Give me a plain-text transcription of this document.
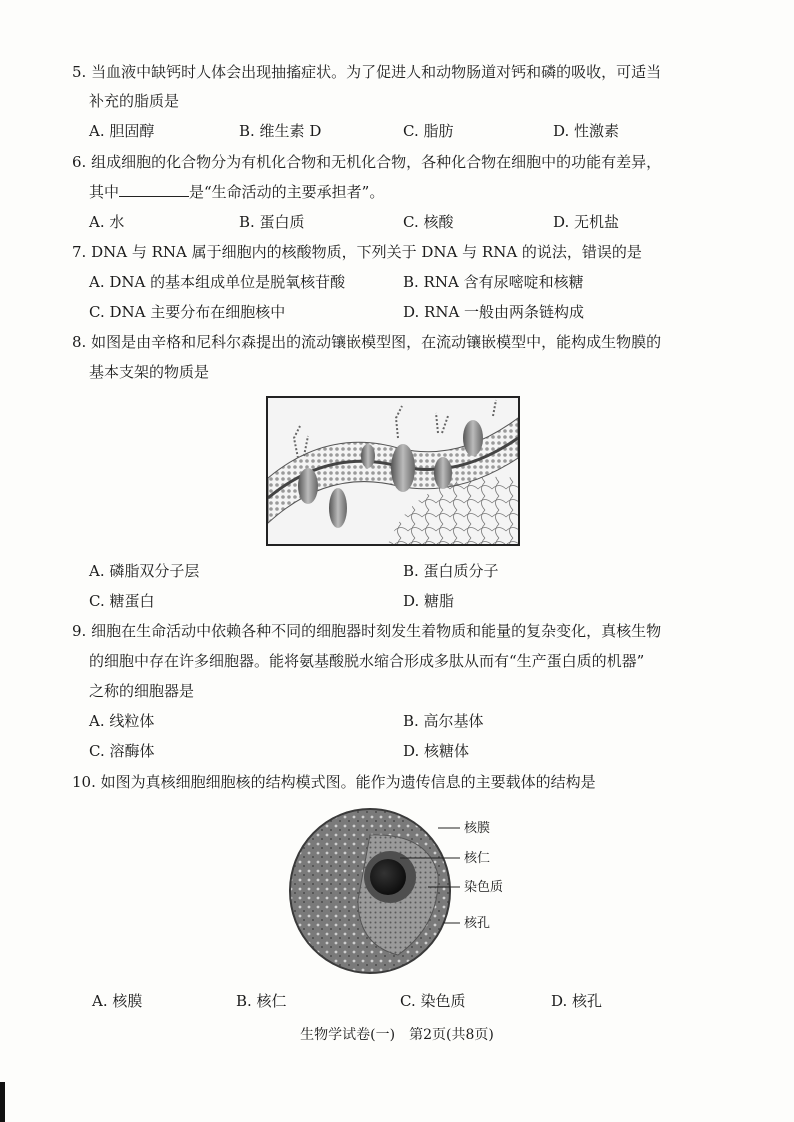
5. 当血液中缺钙时人体会出现抽搐症状。为了促进人和动物肠道对钙和磷的吸收，可适当
补充的脂质是
A. 胆固醇	B. 维生素 D	C. 脂肪	D. 性激素
6. 组成细胞的化合物分为有机化合物和无机化合物，各种化合物在细胞中的功能有差异，
其中	是“生命活动的主要承担者”。
A. 水	B. 蛋白质	C. 核酸	D. 无机盐
7. DNA 与 RNA 属于细胞内的核酸物质，下列关于 DNA 与 RNA 的说法，错误的是
A. DNA 的基本组成单位是脱氧核苷酸	B. RNA 含有尿嘧啶和核糖
C. DNA 主要分布在细胞核中	D. RNA 一般由两条链构成
8. 如图是由辛格和尼科尔森提出的流动镶嵌模型图，在流动镶嵌模型中，能构成生物膜的
基本支架的物质是
A. 磷脂双分子层	B. 蛋白质分子
C. 糖蛋白	D. 糖脂
9. 细胞在生命活动中依赖各种不同的细胞器时刻发生着物质和能量的复杂变化，真核生物
的细胞中存在许多细胞器。能将氨基酸脱水缩合形成多肽从而有“生产蛋白质的机器”
之称的细胞器是
A. 线粒体	B. 高尔基体
C. 溶酶体	D. 核糖体
10. 如图为真核细胞细胞核的结构模式图。能作为遗传信息的主要载体的结构是
核膜
核仁
染色质
核孔
A. 核膜	B. 核仁	C. 染色质	D. 核孔
生物学试卷(一)　第2页(共8页)
